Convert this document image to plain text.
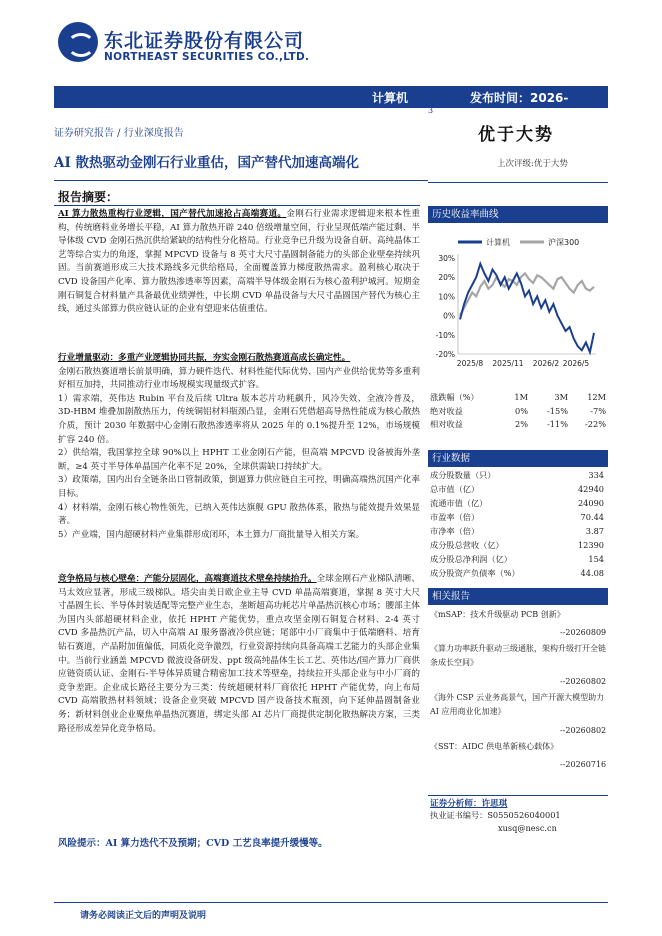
东北证券股份有限公司
NORTHEAST SECURITIES CO.,LTD.
计算机	发布时间：2026-
3
证券研究报告 / 行业深度报告	优于大势
AI 散热驱动金刚石行业重估，国产替代加速高端化	上次评级:优于大势
报告摘要：
AI 算力散热重构行业逻辑，国产替代加速抢占高端赛道。金刚石行业需求逻辑迎来根本性重构，传统磨料业务增长平稳，AI 算力散热开辟 240 倍级增量空间，行业呈现低端产能过剩、半导体级 CVD 金刚石热沉供给紧缺的结构性分化格局。行业竞争已升级为设备自研、高纯晶体工艺等综合实力的角逐，掌握 MPCVD 设备与 8 英寸大尺寸晶圆制备能力的头部企业壁垒持续巩固。当前赛道形成三大技术路线多元供给格局，全面覆盖算力梯度散热需求。盈利核心取决于 CVD 设备国产化率、算力散热渗透率等因素，高端半导体级金刚石为核心盈利护城河。短期金刚石铜复合材料量产具备最优业绩弹性，中长期 CVD 单晶设备与大尺寸晶圆国产替代为核心主线，通过头部算力供应链认证的企业有望迎来估值重估。
行业增量驱动：多重产业逻辑协同共振，夯实金刚石散热赛道高成长确定性。
金刚石散热赛道增长前景明确，算力硬件迭代、材料性能代际优势、国内产业供给优势等多重利好相互加持，共同推动行业市场规模实现量级式扩容。
1）需求端，英伟达 Rubin 平台及后续 Ultra 版本芯片功耗飙升，风冷失效、全液冷普及，3D-HBM 堆叠加剧散热压力，传统铜铝材料瓶颈凸显，金刚石凭借超高导热性能成为核心散热介质，预计 2030 年数据中心金刚石散热渗透率将从 2025 年的 0.1%提升至 12%，市场规模扩容 240 倍。
2）供给端，我国掌控全球 90%以上 HPHT 工业金刚石产能，但高端 MPCVD 设备被海外垄断，≥4 英寸半导体单晶国产化率不足 20%，全球供需缺口持续扩大。
3）政策端，国内出台全链条出口管制政策，倒逼算力供应链自主可控，明确高端热沉国产化率目标。
4）材料端，金刚石核心物性领先，已纳入英伟达旗舰 GPU 散热体系，散热与能效提升效果显著。
5）产业端，国内超硬材料产业集群形成闭环，本土算力厂商批量导入相关方案。
竞争格局与核心壁垒：产能分层固化，高端赛道技术壁垒持续抬升。全球金刚石产业梯队清晰、马太效应显著，形成三级梯队。塔尖由美日欧企业主导 CVD 单晶高端赛道，掌握 8 英寸大尺寸晶圆生长、半导体封装适配等完整产业生态，垄断超高功耗芯片单晶热沉核心市场；腰部主体为国内头部超硬材料企业，依托 HPHT 产能优势，重点攻坚金刚石铜复合材料、2-4 英寸 CVD 多晶热沉产品，切入中高端 AI 服务器液冷供应链；尾部中小厂商集中于低端磨料、培育钻石赛道，产品附加值偏低，同质化竞争激烈，行业资源持续向具备高端工艺能力的头部企业集中。当前行业涵盖 MPCVD 微波设备研发、ppt 级高纯晶体生长工艺、英伟达/国产算力厂商供应链资质认证、金刚石-半导体异质键合精密加工技术等壁垒，持续拉开头部企业与中小厂商的竞争差距。企业成长路径主要分为三类：传统超硬材料厂商依托 HPHT 产能优势，向上布局 CVD 高端散热材料领域；设备企业突破 MPCVD 国产设备技术瓶颈，向下延伸晶圆制备业务；新材料创业企业聚焦单晶热沉赛道，绑定头部 AI 芯片厂商提供定制化散热解决方案，三类路径形成差异化竞争格局。
风险提示：AI 算力迭代不及预期；CVD 工艺良率提升缓慢等。
历史收益率曲线
计算机	沪深300
30%
20%
10%
0%
-10%
-20%
2025/8 2025/11 2026/2 2026/5
涨跌幅（%）	1M	3M	12M
绝对收益	0%	-15%	-7%
相对收益	2%	-11%	-22%
行业数据
成分股数量（只）	334
总市值（亿）	42940
流通市值（亿）	24090
市盈率（倍）	70.44
市净率（倍）	3.87
成分股总营收（亿）	12390
成分股总净利润（亿）	154
成分股资产负债率（%）	44.08
相关报告
《mSAP：技术升级驱动 PCB 创新》
--20260809
《算力功率跃升驱动三级通胀，架构升级打开全链条成长空间》
--20260802
《海外 CSP 云业务高景气，国产开源大模型助力 AI 应用商业化加速》
--20260802
《SST：AIDC 供电革新核心载体》
--20260716
证券分析师：许思琪
执业证书编号：S0550526040001
xusq@nesc.cn
请务必阅读正文后的声明及说明
